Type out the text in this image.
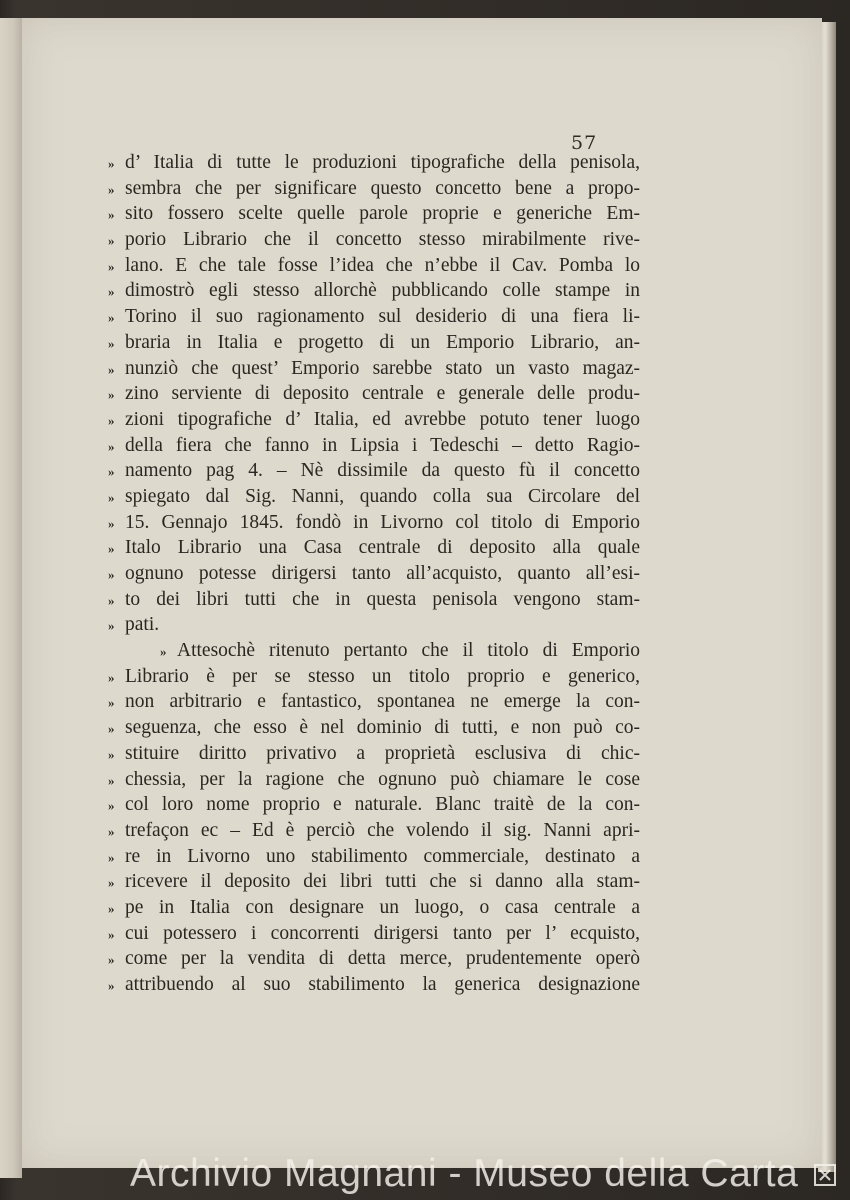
57
» d’ Italia di tutte le produzioni tipografiche della penisola,
» sembra che per significare questo concetto bene a propo-
» sito fossero scelte quelle parole proprie e generiche Em-
» porio Librario che il concetto stesso mirabilmente rive-
» lano. E che tale fosse l’idea che n’ebbe il Cav. Pomba lo
» dimostrò egli stesso allorchè pubblicando colle stampe in
» Torino il suo ragionamento sul desiderio di una fiera li-
» braria in Italia e progetto di un Emporio Librario, an-
» nunziò che quest’ Emporio sarebbe stato un vasto magaz-
» zino serviente di deposito centrale e generale delle produ-
» zioni tipografiche d’ Italia, ed avrebbe potuto tener luogo
» della fiera che fanno in Lipsia i Tedeschi – detto Ragio-
» namento pag 4. – Nè dissimile da questo fù il concetto
» spiegato dal Sig. Nanni, quando colla sua Circolare del
» 15. Gennajo 1845. fondò in Livorno col titolo di Emporio
» Italo Librario una Casa centrale di deposito alla quale
» ognuno potesse dirigersi tanto all’acquisto, quanto all’esi-
» to dei libri tutti che in questa penisola vengono stam-
» pati.
» Attesochè ritenuto pertanto che il titolo di Emporio
» Librario è per se stesso un titolo proprio e generico,
» non arbitrario e fantastico, spontanea ne emerge la con-
» seguenza, che esso è nel dominio di tutti, e non può co-
» stituire diritto privativo a proprietà esclusiva di chic-
» chessia, per la ragione che ognuno può chiamare le cose
» col loro nome proprio e naturale. Blanc traitè de la con-
» trefaçon ec – Ed è perciò che volendo il sig. Nanni apri-
» re in Livorno uno stabilimento commerciale, destinato a
» ricevere il deposito dei libri tutti che si danno alla stam-
» pe in Italia con designare un luogo, o casa centrale a
» cui potessero i concorrenti dirigersi tanto per l’ ecquisto,
» come per la vendita di detta merce, prudentemente operò
» attribuendo al suo stabilimento la generica designazione
Archivio Magnani - Museo della Carta
